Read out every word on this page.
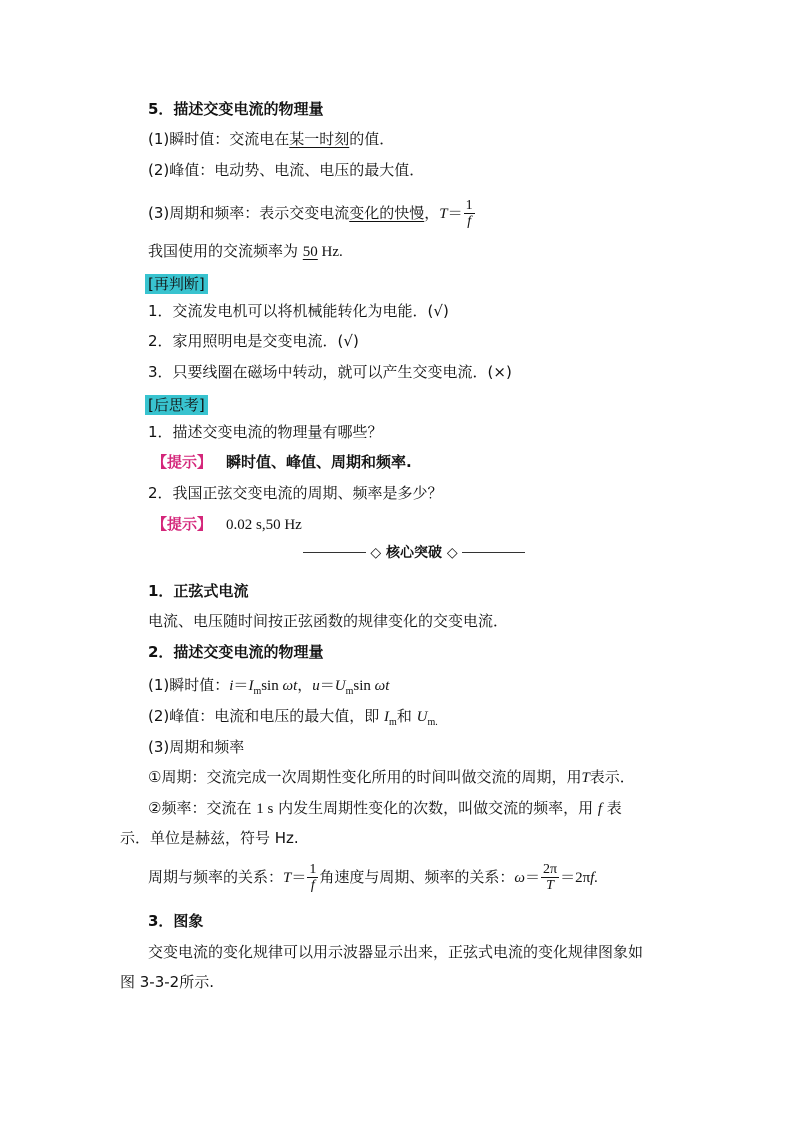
5．描述交变电流的物理量
(1)瞬时值：交流电在某一时刻的值．
(2)峰值：电动势、电流、电压的最大值．
(3)周期和频率：表示交变电流变化的快慢，$T= \frac{1}{f}$
我国使用的交流频率为 50 Hz.
[再判断]
1．交流发电机可以将机械能转化为电能．(√)
2．家用照明电是交变电流．(√)
3．只要线圈在磁场中转动，就可以产生交变电流．(×)
[后思考]
1．描述交变电流的物理量有哪些？
【提示】 瞬时值、峰值、周期和频率.
2．我国正弦交变电流的周期、频率是多少？
【提示】 0.02 s,50 Hz
◇ 核心突破 ◇
1．正弦式电流
电流、电压随时间按正弦函数的规律变化的交变电流．
2．描述交变电流的物理量
(1)瞬时值：$i=I_m\sin$ ωt，$u=U_m\sin$ ωt
(2)峰值：电流和电压的最大值，即 $I_m$和 $U_{m.}$
(3)周期和频率
①周期：交流完成一次周期性变化所用的时间叫做交流的周期，用T表示．
②频率：交流在 1 s 内发生周期性变化的次数，叫做交流的频率，用 f 表
示．单位是赫兹，符号 Hz.
周期与频率的关系：$T= \frac{1}{f}$ 角速度与周期、频率的关系：$\omega= \frac{2\pi}{T} =2\pi f$.
3．图象
交变电流的变化规律可以用示波器显示出来，正弦式电流的变化规律图象如
图 3-3-2所示.
